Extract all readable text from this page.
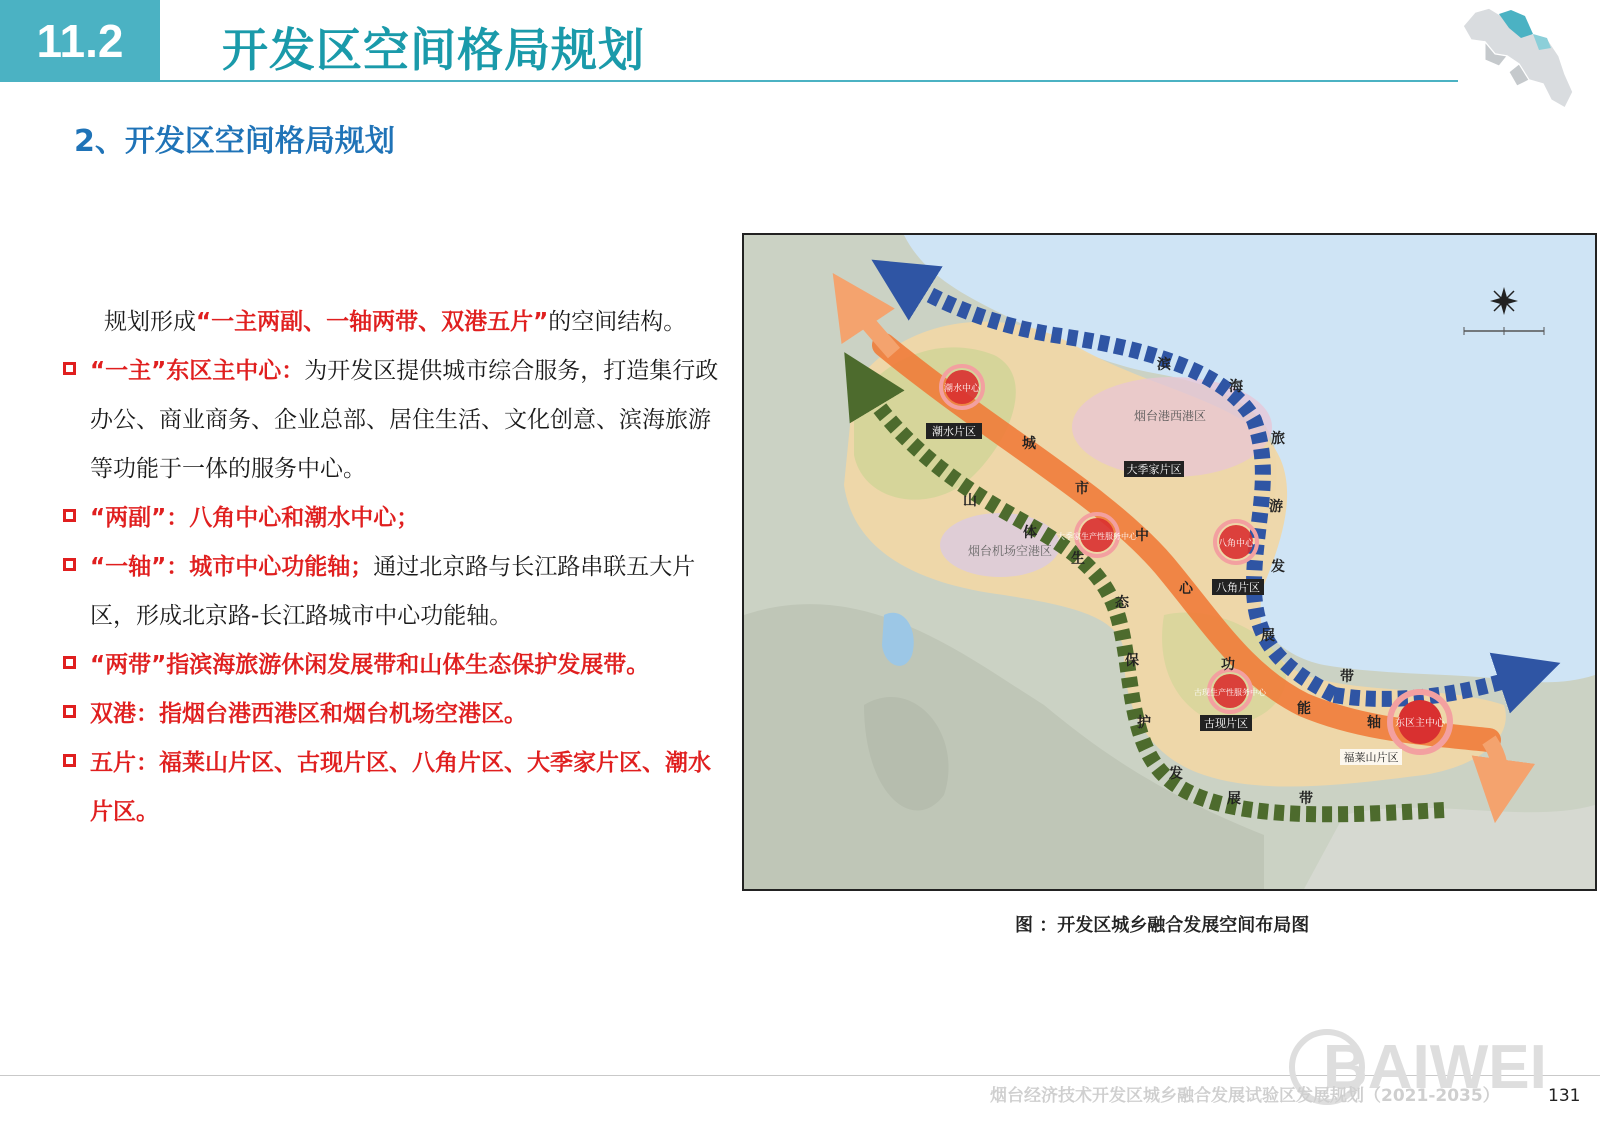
11.2	开发区空间格局规划
2、开发区空间格局规划

规划形成“一主两副、一轴两带、双港五片”的空间结构。

“一主”东区主中心：为开发区提供城市综合服务，打造集行政办公、商业商务、企业总部、居住生活、文化创意、滨海旅游等功能于一体的服务中心。

“两副”：八角中心和潮水中心；

“一轴”：城市中心功能轴；通过北京路与长江路串联五大片区，形成北京路-长江路城市中心功能轴。

“两带”指滨海旅游休闲发展带和山体生态保护发展带。

双港：指烟台港西港区和烟台机场空港区。

五片：福莱山片区、古现片区、八角片区、大季家片区、潮水片区。

潮水中心
大季家生产性服务中心
八角中心
古现生产性服务中心
东区主中心
潮水片区
大季家片区
八角片区
古现片区
福莱山片区
烟台港西港区
烟台机场空港区
滨
海
旅
游
发
展
带
山
体
生
态
保
护
发
展	带
城
市
中
心
功
能
轴
图 ：开发区城乡融合发展空间布局图
BAIWEI
烟台经济技术开发区城乡融合发展试验区发展规划（2021-2035）	131
